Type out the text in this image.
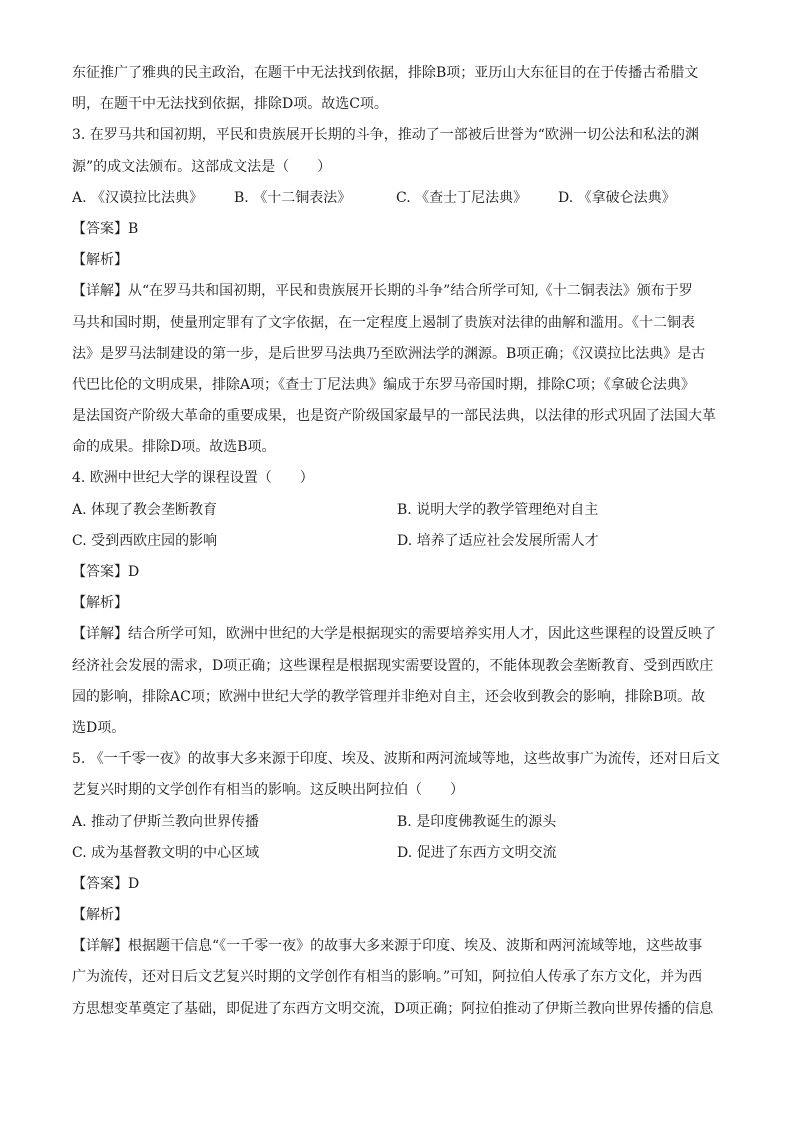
东征推广了雅典的民主政治，在题干中无法找到依据，排除B项；亚历山大东征目的在于传播古希腊文
明，在题干中无法找到依据，排除D项。故选C项。
3. 在罗马共和国初期，平民和贵族展开长期的斗争，推动了一部被后世誉为“欧洲一切公法和私法的渊
源”的成文法颁布。这部成文法是（　　）
A. 《汉谟拉比法典》	B. 《十二铜表法》	C. 《查士丁尼法典》	D. 《拿破仑法典》
【答案】B
【解析】
【详解】从“在罗马共和国初期，平民和贵族展开长期的斗争”结合所学可知,《十二铜表法》颁布于罗
马共和国时期，使量刑定罪有了文字依据，在一定程度上遏制了贵族对法律的曲解和滥用。《十二铜表
法》是罗马法制建设的第一步，是后世罗马法典乃至欧洲法学的渊源。B项正确；《汉谟拉比法典》是古
代巴比伦的文明成果，排除A项；《查士丁尼法典》编成于东罗马帝国时期，排除C项；《拿破仑法典》
是法国资产阶级大革命的重要成果，也是资产阶级国家最早的一部民法典，以法律的形式巩固了法国大革
命的成果。排除D项。故选B项。
4. 欧洲中世纪大学的课程设置（　　）
A. 体现了教会垄断教育	B. 说明大学的教学管理绝对自主
C. 受到西欧庄园的影响	D. 培养了适应社会发展所需人才
【答案】D
【解析】
【详解】结合所学可知，欧洲中世纪的大学是根据现实的需要培养实用人才，因此这些课程的设置反映了
经济社会发展的需求，D项正确；这些课程是根据现实需要设置的，不能体现教会垄断教育、受到西欧庄
园的影响，排除AC项；欧洲中世纪大学的教学管理并非绝对自主，还会收到教会的影响，排除B项。故
选D项。
5. 《一千零一夜》的故事大多来源于印度、埃及、波斯和两河流域等地，这些故事广为流传，还对日后文
艺复兴时期的文学创作有相当的影响。这反映出阿拉伯（　　）
A. 推动了伊斯兰教向世界传播	B. 是印度佛教诞生的源头
C. 成为基督教文明的中心区域	D. 促进了东西方文明交流
【答案】D
【解析】
【详解】根据题干信息“《一千零一夜》的故事大多来源于印度、埃及、波斯和两河流域等地，这些故事
广为流传，还对日后文艺复兴时期的文学创作有相当的影响。”可知，阿拉伯人传承了东方文化，并为西
方思想变革奠定了基础，即促进了东西方文明交流，D项正确；阿拉伯推动了伊斯兰教向世界传播的信息
